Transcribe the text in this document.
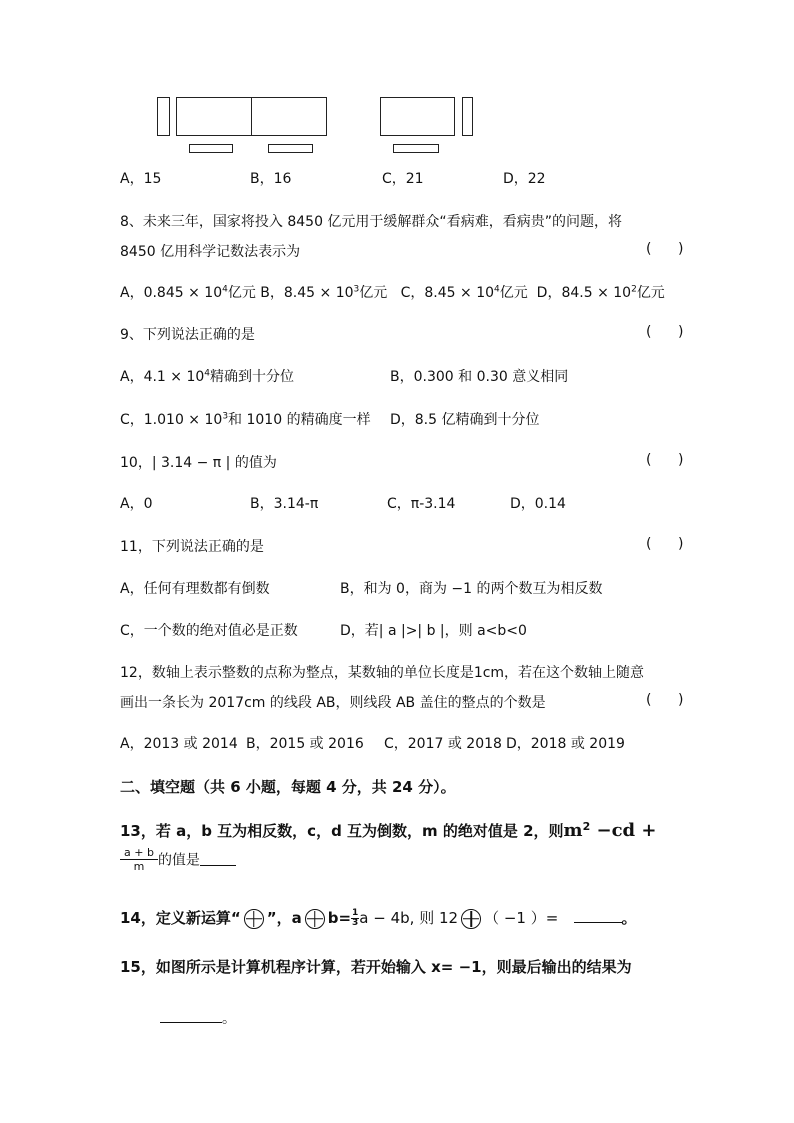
A，15	B，16	C，21	D，22
8、未来三年，国家将投入 8450 亿元用于缓解群众“看病难，看病贵”的问题，将
8450 亿用科学记数法表示为	( )
A，$0.845 \times 10^4$亿元 B，$8.45 \times 10^3$亿元 C，$8.45 \times 10^4$亿元 D，$84.5 \times 10^2$亿元
9、下列说法正确的是	( )
A，$4.1 \times 10^4$精确到十分位	B，0.300 和 0.30 意义相同
C，$1.010 \times 10^3$和 1010 的精确度一样 D，8.5 亿精确到十分位
10，| 3.14 − π | 的值为	( )
A，0	B，3.14-π	C，π-3.14	D，0.14
11，下列说法正确的是	( )
A，任何有理数都有倒数	B，和为 0，商为 −1 的两个数互为相反数
C，一个数的绝对值必是正数	D，若| a |>| b |，则 a<b<0
12，数轴上表示整数的点称为整点，某数轴的单位长度是1cm，若在这个数轴上随意
画出一条长为 2017cm 的线段 AB，则线段 AB 盖住的整点的个数是	( )
A，2013 或 2014 B，2015 或 2016 C，2017 或 2018 D，2018 或 2019
二、填空题（共 6 小题，每题 4 分，共 24 分）。
13，若 a，b 互为相反数，c，d 互为倒数，m 的绝对值是 2，则$m^2 -cd$ +
$\frac{a + b}{m}$ 的值是
14，定义新运算“ ”，a $b= \frac{1}{3}$ a − 4b, 则 12 （ −1 ）=	。
15，如图所示是计算机程序计算，若开始输入 x= −1，则最后输出的结果为
。
